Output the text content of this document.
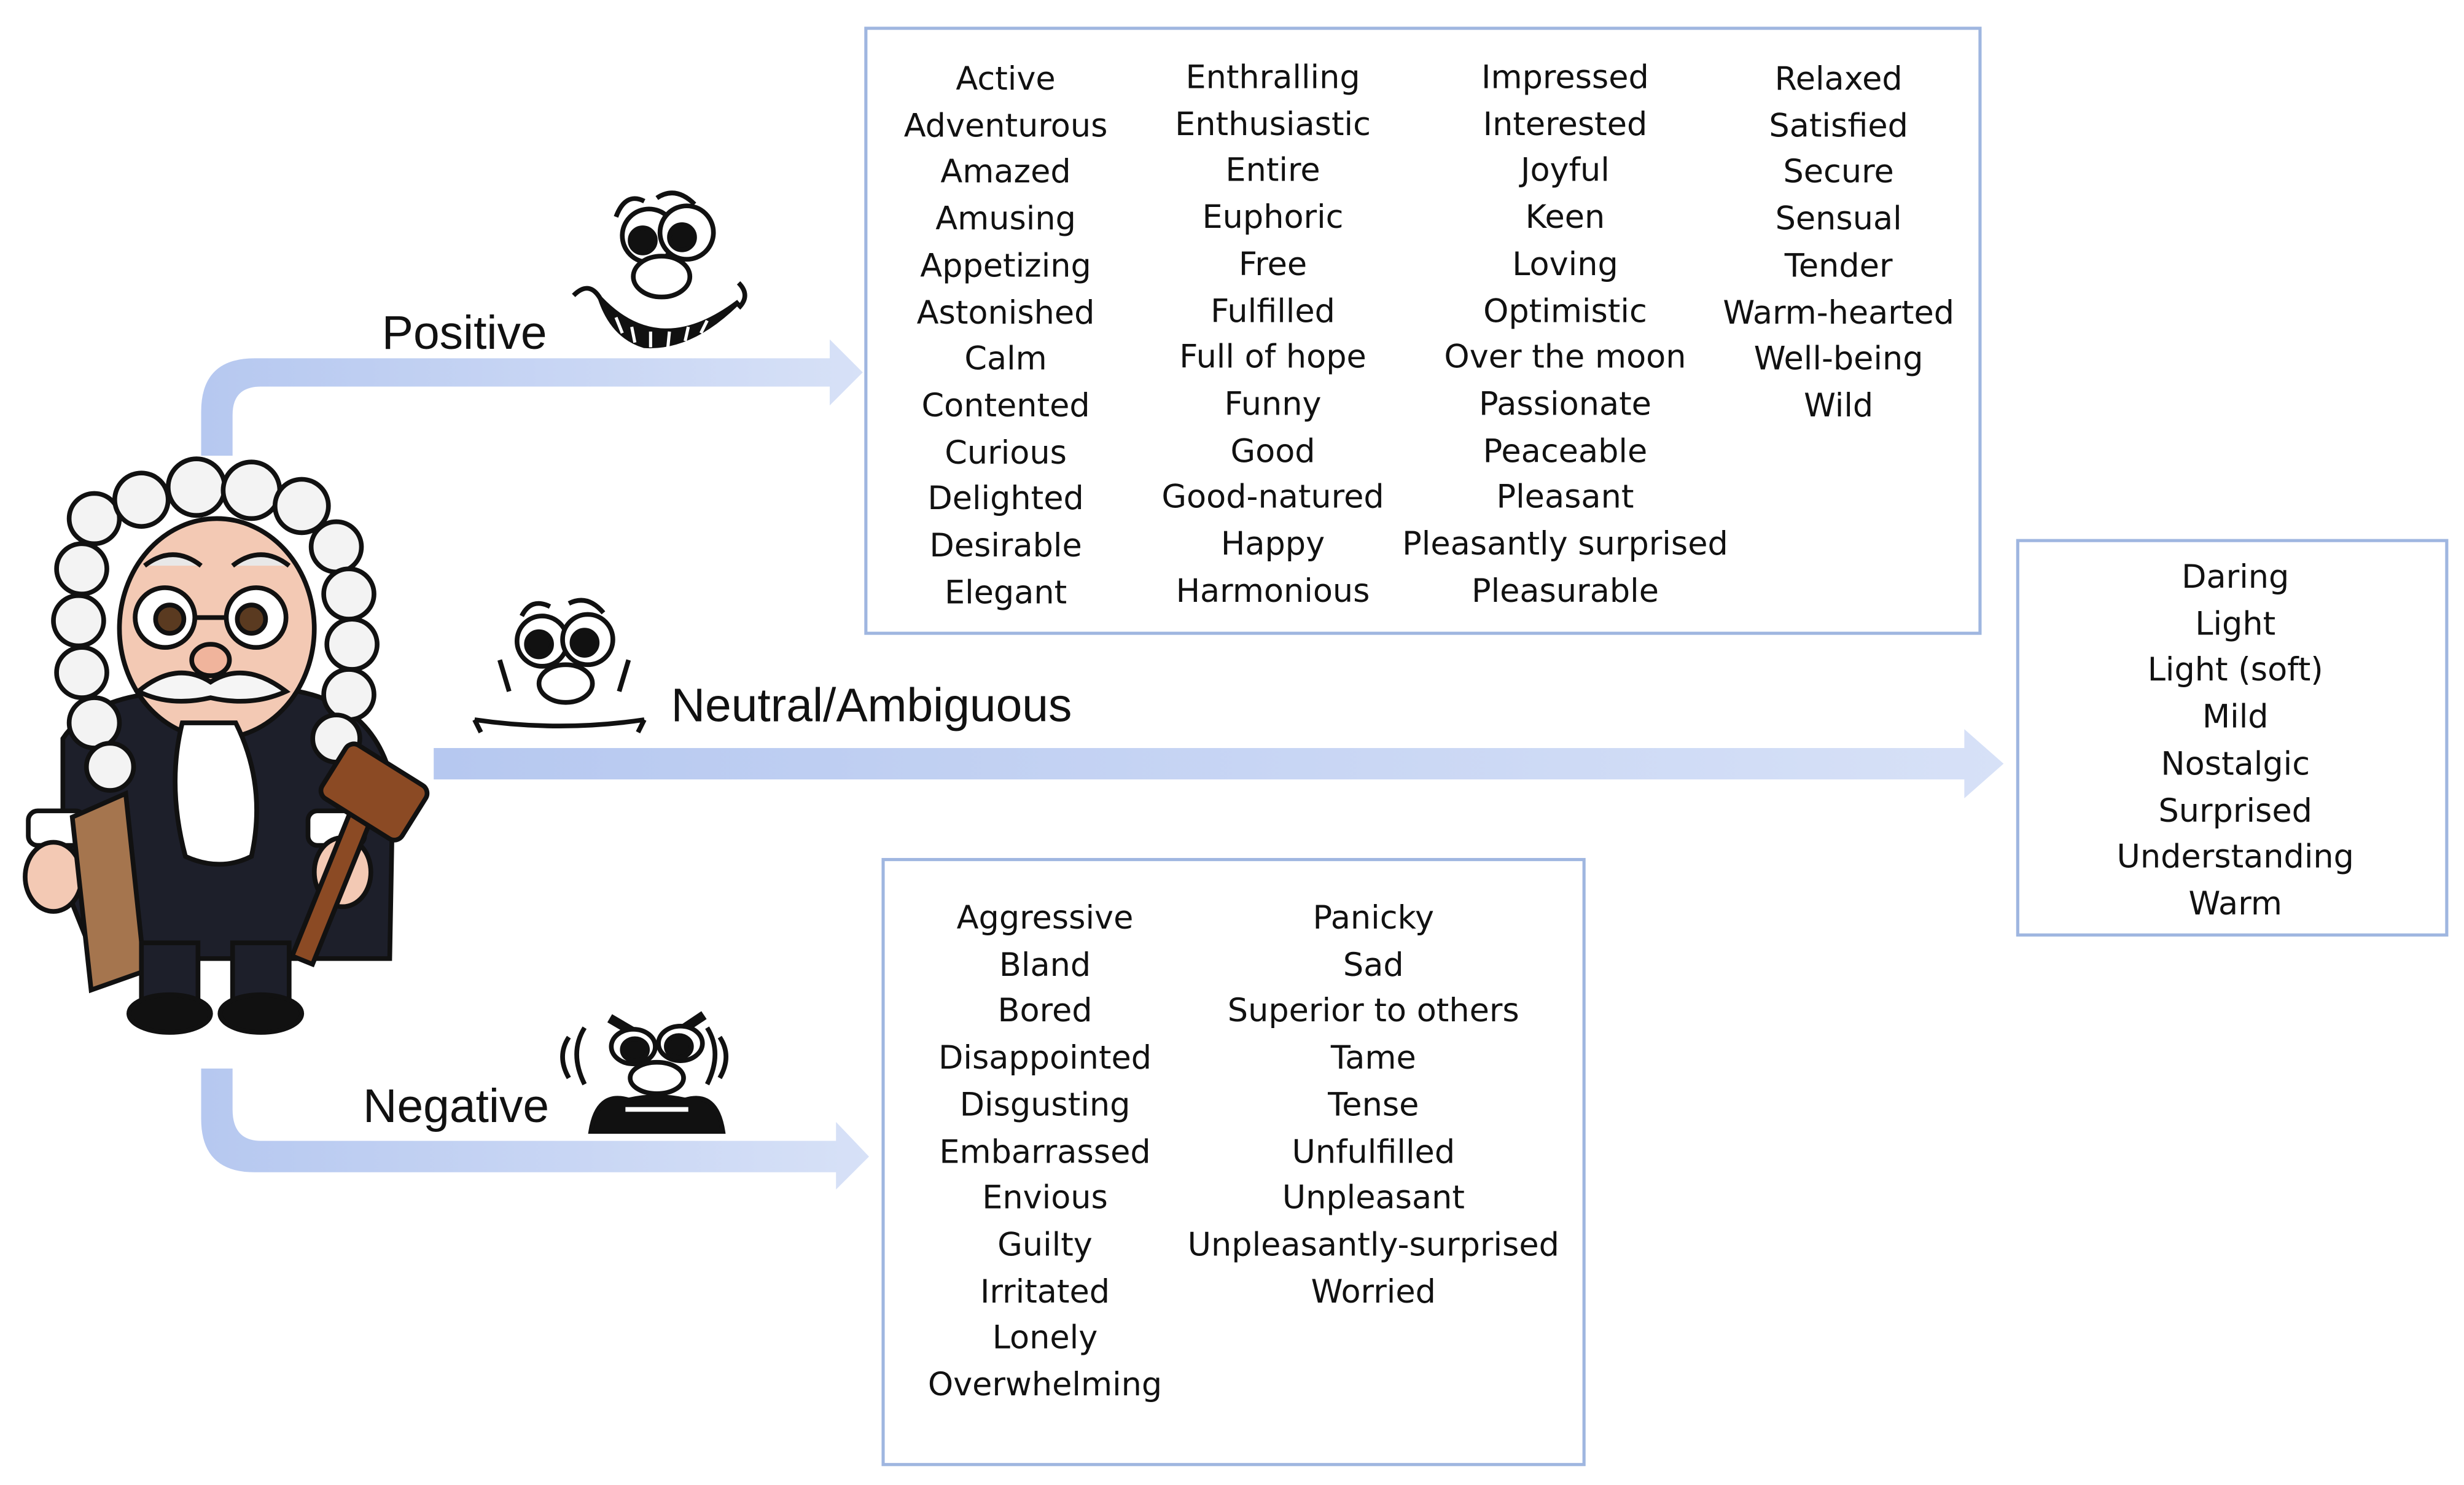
Positive
Neutral/Ambiguous
Negative
Active
Adventurous
Amazed
Amusing
Appetizing
Astonished
Calm
Contented
Curious
Delighted
Desirable
Elegant
Enthralling
Enthusiastic
Entire
Euphoric
Free
Fulfilled
Full of hope
Funny
Good
Good-natured
Happy
Harmonious
Impressed
Interested
Joyful
Keen
Loving
Optimistic
Over the moon
Passionate
Peaceable
Pleasant
Pleasantly surprised
Pleasurable
Relaxed
Satisfied
Secure
Sensual
Tender
Warm-hearted
Well-being
Wild
Daring
Light
Light (soft)
Mild
Nostalgic
Surprised
Understanding
Warm
Aggressive
Bland
Bored
Disappointed
Disgusting
Embarrassed
Envious
Guilty
Irritated
Lonely
Overwhelming
Panicky
Sad
Superior to others
Tame
Tense
Unfulfilled
Unpleasant
Unpleasantly-surprised
Worried
